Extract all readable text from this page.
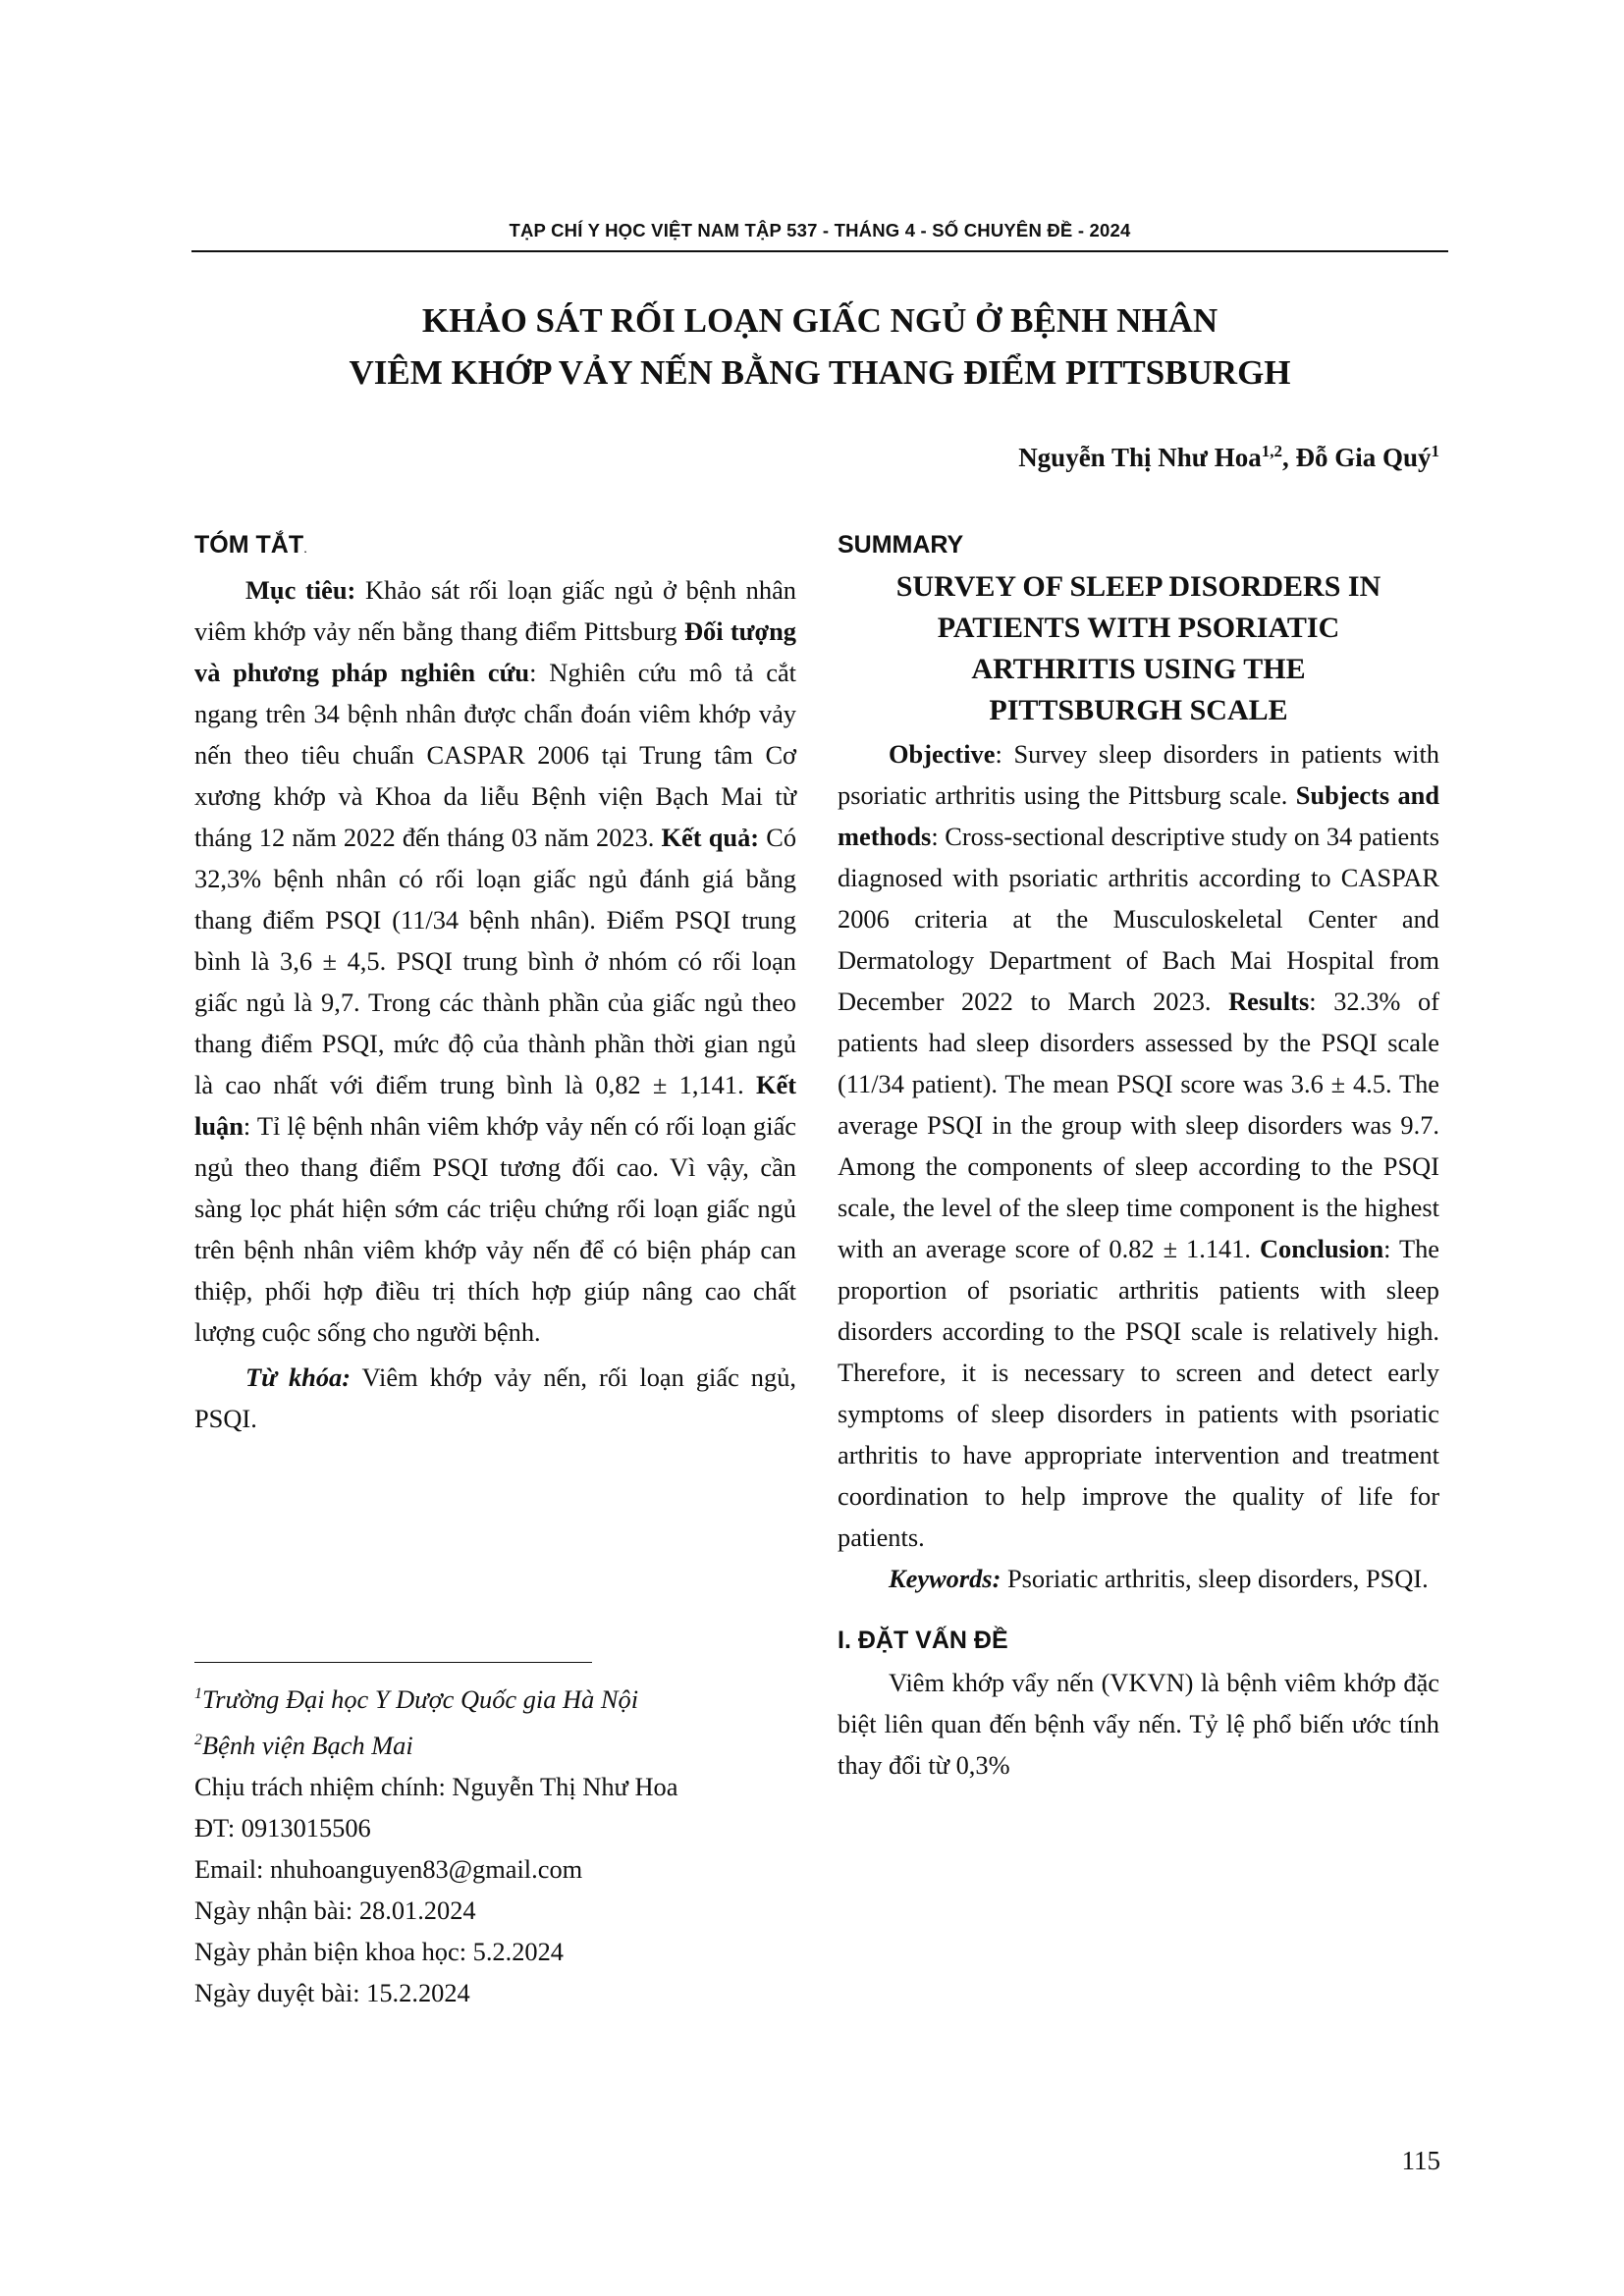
TẠP CHÍ Y HỌC VIỆT NAM TẬP 537 - THÁNG 4 - SỐ CHUYÊN ĐỀ - 2024
KHẢO SÁT RỐI LOẠN GIẤC NGỦ Ở BỆNH NHÂN
VIÊM KHỚP VẢY NẾN BẰNG THANG ĐIỂM PITTSBURGH
Nguyễn Thị Như Hoa$^{1,2}$, Đỗ Gia Quý$^1$
TÓM TẮT.

Mục tiêu: Khảo sát rối loạn giấc ngủ ở bệnh nhân viêm khớp vảy nến bằng thang điểm Pittsburg Đối tượng và phương pháp nghiên cứu: Nghiên cứu mô tả cắt ngang trên 34 bệnh nhân được chẩn đoán viêm khớp vảy nến theo tiêu chuẩn CASPAR 2006 tại Trung tâm Cơ xương khớp và Khoa da liễu Bệnh viện Bạch Mai từ tháng 12 năm 2022 đến tháng 03 năm 2023. Kết quả: Có 32,3% bệnh nhân có rối loạn giấc ngủ đánh giá bằng thang điểm PSQI (11/34 bệnh nhân). Điểm PSQI trung bình là 3,6 ± 4,5. PSQI trung bình ở nhóm có rối loạn giấc ngủ là 9,7. Trong các thành phần của giấc ngủ theo thang điểm PSQI, mức độ của thành phần thời gian ngủ là cao nhất với điểm trung bình là 0,82 ± 1,141. Kết luận: Tỉ lệ bệnh nhân viêm khớp vảy nến có rối loạn giấc ngủ theo thang điểm PSQI tương đối cao. Vì vậy, cần sàng lọc phát hiện sớm các triệu chứng rối loạn giấc ngủ trên bệnh nhân viêm khớp vảy nến để có biện pháp can thiệp, phối hợp điều trị thích hợp giúp nâng cao chất lượng cuộc sống cho người bệnh.

Từ khóa: Viêm khớp vảy nến, rối loạn giấc ngủ, PSQI.

SUMMARY
SURVEY OF SLEEP DISORDERS IN
PATIENTS WITH PSORIATIC
ARTHRITIS USING THE
PITTSBURGH SCALE

Objective: Survey sleep disorders in patients with psoriatic arthritis using the Pittsburg scale. Subjects and methods: Cross-sectional descriptive study on 34 patients diagnosed with psoriatic arthritis according to CASPAR 2006 criteria at the Musculoskeletal Center and Dermatology Department of Bach Mai Hospital from December 2022 to March 2023. Results: 32.3% of patients had sleep disorders assessed by the PSQI scale (11/34 patient). The mean PSQI score was 3.6 ± 4.5. The average PSQI in the group with sleep disorders was 9.7. Among the components of sleep according to the PSQI scale, the level of the sleep time component is the highest with an average score of 0.82 ± 1.141. Conclusion: The proportion of psoriatic arthritis patients with sleep disorders according to the PSQI scale is relatively high. Therefore, it is necessary to screen and detect early symptoms of sleep disorders in patients with psoriatic arthritis to have appropriate intervention and treatment coordination to help improve the quality of life for patients.

Keywords: Psoriatic arthritis, sleep disorders, PSQI.

I. ĐẶT VẤN ĐỀ

Viêm khớp vẩy nến (VKVN) là bệnh viêm khớp đặc biệt liên quan đến bệnh vẩy nến. Tỷ lệ phổ biến ước tính thay đổi từ 0,3%

$^1$Trường Đại học Y Dược Quốc gia Hà Nội
$^2$Bệnh viện Bạch Mai
Chịu trách nhiệm chính: Nguyễn Thị Như Hoa
ĐT: 0913015506
Email: nhuhoanguyen83@gmail.com
Ngày nhận bài: 28.01.2024
Ngày phản biện khoa học: 5.2.2024
Ngày duyệt bài: 15.2.2024
115
